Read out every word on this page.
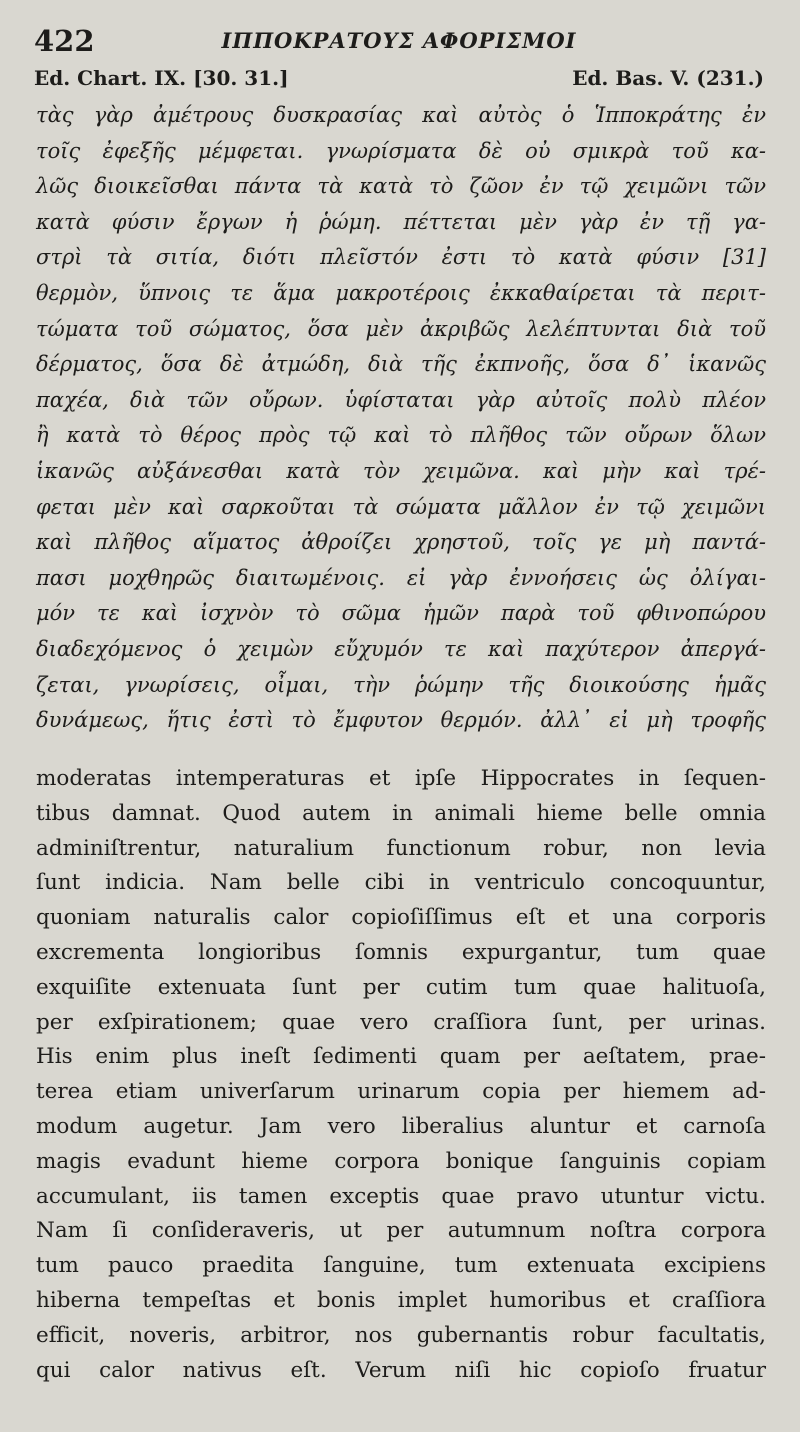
422	ΙΠΠΟΚΡΑΤΟΥΣ ΑΦΟΡΙΣΜΟΙ
Ed. Chart. IX. [30. 31.]	Ed. Bas. V. (231.)
τὰς γὰρ ἀμέτρους δυσκρασίας καὶ αὐτὸς ὁ Ἱπποκράτης ἐν
τοῖς ἐφεξῆς μέμφεται. γνωρίσματα δὲ οὐ σμικρὰ τοῦ κα-
λῶς διοικεῖσθαι πάντα τὰ κατὰ τὸ ζῶον ἐν τῷ χειμῶνι τῶν
κατὰ φύσιν ἔργων ἡ ῥώμη. πέττεται μὲν γὰρ ἐν τῇ γα-
στρὶ τὰ σιτία, διότι πλεῖστόν ἐστι τὸ κατὰ φύσιν [31]
θερμὸν, ὕπνοις τε ἅμα μακροτέροις ἐκκαθαίρεται τὰ περιτ-
τώματα τοῦ σώματος, ὅσα μὲν ἀκριβῶς λελέπτυνται διὰ τοῦ
δέρματος, ὅσα δὲ ἀτμώδη, διὰ τῆς ἐκπνοῆς, ὅσα δ᾽ ἱκανῶς
παχέα, διὰ τῶν οὔρων. ὑφίσταται γὰρ αὐτοῖς πολὺ πλέον
ἢ κατὰ τὸ θέρος πρὸς τῷ καὶ τὸ πλῆθος τῶν οὔρων ὅλων
ἱκανῶς αὐξάνεσθαι κατὰ τὸν χειμῶνα. καὶ μὴν καὶ τρέ-
φεται μὲν καὶ σαρκοῦται τὰ σώματα μᾶλλον ἐν τῷ χειμῶνι
καὶ πλῆθος αἵματος ἀθροίζει χρηστοῦ, τοῖς γε μὴ παντά-
πασι μοχθηρῶς διαιτωμένοις. εἰ γὰρ ἐννοήσεις ὡς ὀλίγαι-
μόν τε καὶ ἰσχνὸν τὸ σῶμα ἡμῶν παρὰ τοῦ φθινοπώρου
διαδεχόμενος ὁ χειμὼν εὔχυμόν τε καὶ παχύτερον ἀπεργά-
ζεται, γνωρίσεις, οἶμαι, τὴν ῥώμην τῆς διοικούσης ἡμᾶς
δυνάμεως, ἥτις ἐστὶ τὸ ἔμφυτον θερμόν. ἀλλ᾽ εἰ μὴ τροφῆς
moderatas intemperaturas et ipſe Hippocrates in ſequen-
tibus damnat. Quod autem in animali hieme belle omnia
adminiſtrentur, naturalium functionum robur, non levia
ſunt indicia. Nam belle cibi in ventriculo concoquuntur,
quoniam naturalis calor copioſiſſimus eſt et una corporis
excrementa longioribus ſomnis expurgantur, tum quae
exquiſite extenuata ſunt per cutim tum quae halituoſa,
per exſpirationem; quae vero craſſiora ſunt, per urinas.
His enim plus ineſt ſedimenti quam per aeſtatem, prae-
terea etiam univerſarum urinarum copia per hiemem ad-
modum augetur. Jam vero liberalius aluntur et carnoſa
magis evadunt hieme corpora bonique ſanguinis copiam
accumulant, iis tamen exceptis quae pravo utuntur victu.
Nam ſi conſideraveris, ut per autumnum noſtra corpora
tum pauco praedita ſanguine, tum extenuata excipiens
hiberna tempeſtas et bonis implet humoribus et craſſiora
efficit, noveris, arbitror, nos gubernantis robur facultatis,
qui calor nativus eſt. Verum niſi hic copioſo fruatur
